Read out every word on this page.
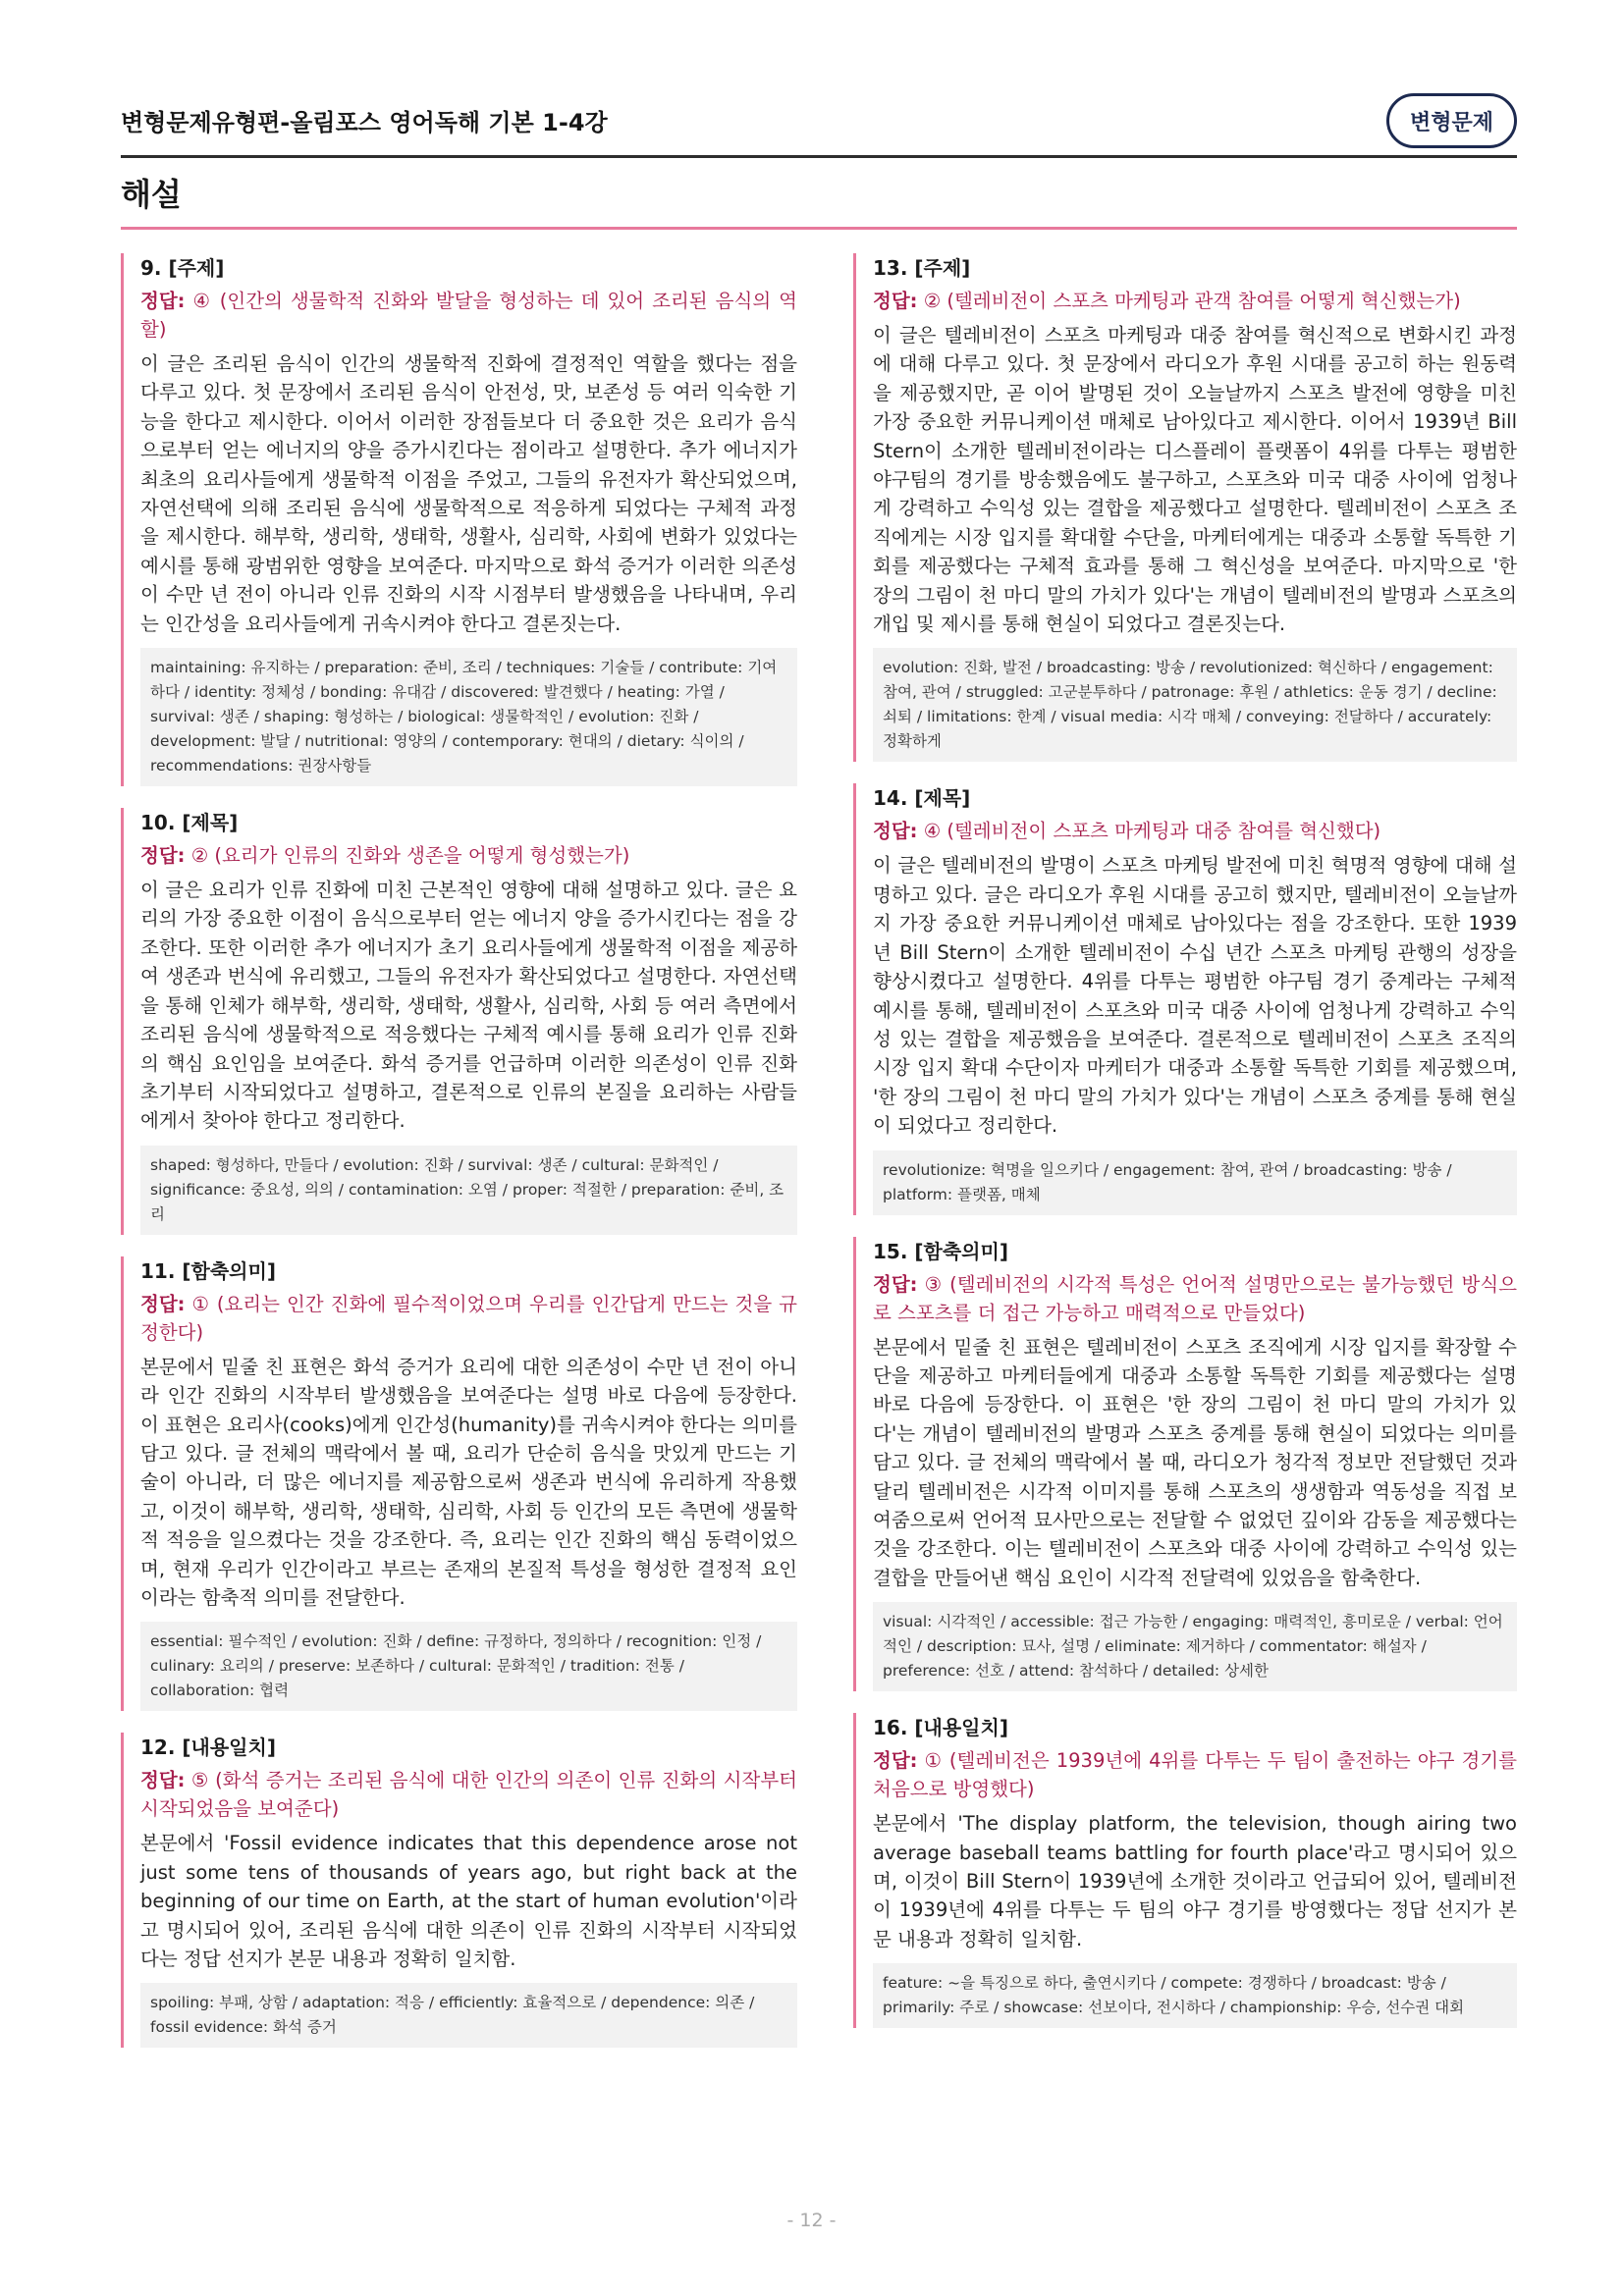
변형문제유형편-올림포스 영어독해 기본 1-4강	변형문제
해설
9. [주제]

정답: ④ (인간의 생물학적 진화와 발달을 형성하는 데 있어 조리된 음식의 역할)

이 글은 조리된 음식이 인간의 생물학적 진화에 결정적인 역할을 했다는 점을 다루고 있다. 첫 문장에서 조리된 음식이 안전성, 맛, 보존성 등 여러 익숙한 기능을 한다고 제시한다. 이어서 이러한 장점들보다 더 중요한 것은 요리가 음식으로부터 얻는 에너지의 양을 증가시킨다는 점이라고 설명한다. 추가 에너지가 최초의 요리사들에게 생물학적 이점을 주었고, 그들의 유전자가 확산되었으며, 자연선택에 의해 조리된 음식에 생물학적으로 적응하게 되었다는 구체적 과정을 제시한다. 해부학, 생리학, 생태학, 생활사, 심리학, 사회에 변화가 있었다는 예시를 통해 광범위한 영향을 보여준다. 마지막으로 화석 증거가 이러한 의존성이 수만 년 전이 아니라 인류 진화의 시작 시점부터 발생했음을 나타내며, 우리는 인간성을 요리사들에게 귀속시켜야 한다고 결론짓는다.

maintaining: 유지하는 / preparation: 준비, 조리 / techniques: 기술들 / contribute: 기여하다 / identity: 정체성 / bonding: 유대감 / discovered: 발견했다 / heating: 가열 / survival: 생존 / shaping: 형성하는 / biological: 생물학적인 / evolution: 진화 / development: 발달 / nutritional: 영양의 / contemporary: 현대의 / dietary: 식이의 / recommendations: 권장사항들
10. [제목]

정답: ② (요리가 인류의 진화와 생존을 어떻게 형성했는가)

이 글은 요리가 인류 진화에 미친 근본적인 영향에 대해 설명하고 있다. 글은 요리의 가장 중요한 이점이 음식으로부터 얻는 에너지 양을 증가시킨다는 점을 강조한다. 또한 이러한 추가 에너지가 초기 요리사들에게 생물학적 이점을 제공하여 생존과 번식에 유리했고, 그들의 유전자가 확산되었다고 설명한다. 자연선택을 통해 인체가 해부학, 생리학, 생태학, 생활사, 심리학, 사회 등 여러 측면에서 조리된 음식에 생물학적으로 적응했다는 구체적 예시를 통해 요리가 인류 진화의 핵심 요인임을 보여준다. 화석 증거를 언급하며 이러한 의존성이 인류 진화 초기부터 시작되었다고 설명하고, 결론적으로 인류의 본질을 요리하는 사람들에게서 찾아야 한다고 정리한다.

shaped: 형성하다, 만들다 / evolution: 진화 / survival: 생존 / cultural: 문화적인 / significance: 중요성, 의의 / contamination: 오염 / proper: 적절한 / preparation: 준비, 조리
11. [함축의미]

정답: ① (요리는 인간 진화에 필수적이었으며 우리를 인간답게 만드는 것을 규정한다)

본문에서 밑줄 친 표현은 화석 증거가 요리에 대한 의존성이 수만 년 전이 아니라 인간 진화의 시작부터 발생했음을 보여준다는 설명 바로 다음에 등장한다. 이 표현은 요리사(cooks)에게 인간성(humanity)를 귀속시켜야 한다는 의미를 담고 있다. 글 전체의 맥락에서 볼 때, 요리가 단순히 음식을 맛있게 만드는 기술이 아니라, 더 많은 에너지를 제공함으로써 생존과 번식에 유리하게 작용했고, 이것이 해부학, 생리학, 생태학, 심리학, 사회 등 인간의 모든 측면에 생물학적 적응을 일으켰다는 것을 강조한다. 즉, 요리는 인간 진화의 핵심 동력이었으며, 현재 우리가 인간이라고 부르는 존재의 본질적 특성을 형성한 결정적 요인이라는 함축적 의미를 전달한다.

essential: 필수적인 / evolution: 진화 / define: 규정하다, 정의하다 / recognition: 인정 / culinary: 요리의 / preserve: 보존하다 / cultural: 문화적인 / tradition: 전통 / collaboration: 협력
12. [내용일치]

정답: ⑤ (화석 증거는 조리된 음식에 대한 인간의 의존이 인류 진화의 시작부터 시작되었음을 보여준다)

본문에서 'Fossil evidence indicates that this dependence arose not just some tens of thousands of years ago, but right back at the beginning of our time on Earth, at the start of human evolution'이라고 명시되어 있어, 조리된 음식에 대한 의존이 인류 진화의 시작부터 시작되었다는 정답 선지가 본문 내용과 정확히 일치함.

spoiling: 부패, 상함 / adaptation: 적응 / efficiently: 효율적으로 / dependence: 의존 / fossil evidence: 화석 증거
13. [주제]

정답: ② (텔레비전이 스포츠 마케팅과 관객 참여를 어떻게 혁신했는가)

이 글은 텔레비전이 스포츠 마케팅과 대중 참여를 혁신적으로 변화시킨 과정에 대해 다루고 있다. 첫 문장에서 라디오가 후원 시대를 공고히 하는 원동력을 제공했지만, 곧 이어 발명된 것이 오늘날까지 스포츠 발전에 영향을 미친 가장 중요한 커뮤니케이션 매체로 남아있다고 제시한다. 이어서 1939년 Bill Stern이 소개한 텔레비전이라는 디스플레이 플랫폼이 4위를 다투는 평범한 야구팀의 경기를 방송했음에도 불구하고, 스포츠와 미국 대중 사이에 엄청나게 강력하고 수익성 있는 결합을 제공했다고 설명한다. 텔레비전이 스포츠 조직에게는 시장 입지를 확대할 수단을, 마케터에게는 대중과 소통할 독특한 기회를 제공했다는 구체적 효과를 통해 그 혁신성을 보여준다. 마지막으로 '한 장의 그림이 천 마디 말의 가치가 있다'는 개념이 텔레비전의 발명과 스포츠의 개입 및 제시를 통해 현실이 되었다고 결론짓는다.

evolution: 진화, 발전 / broadcasting: 방송 / revolutionized: 혁신하다 / engagement: 참여, 관여 / struggled: 고군분투하다 / patronage: 후원 / athletics: 운동 경기 / decline: 쇠퇴 / limitations: 한계 / visual media: 시각 매체 / conveying: 전달하다 / accurately: 정확하게
14. [제목]

정답: ④ (텔레비전이 스포츠 마케팅과 대중 참여를 혁신했다)

이 글은 텔레비전의 발명이 스포츠 마케팅 발전에 미친 혁명적 영향에 대해 설명하고 있다. 글은 라디오가 후원 시대를 공고히 했지만, 텔레비전이 오늘날까지 가장 중요한 커뮤니케이션 매체로 남아있다는 점을 강조한다. 또한 1939년 Bill Stern이 소개한 텔레비전이 수십 년간 스포츠 마케팅 관행의 성장을 향상시켰다고 설명한다. 4위를 다투는 평범한 야구팀 경기 중계라는 구체적 예시를 통해, 텔레비전이 스포츠와 미국 대중 사이에 엄청나게 강력하고 수익성 있는 결합을 제공했음을 보여준다. 결론적으로 텔레비전이 스포츠 조직의 시장 입지 확대 수단이자 마케터가 대중과 소통할 독특한 기회를 제공했으며, '한 장의 그림이 천 마디 말의 가치가 있다'는 개념이 스포츠 중계를 통해 현실이 되었다고 정리한다.

revolutionize: 혁명을 일으키다 / engagement: 참여, 관여 / broadcasting: 방송 / platform: 플랫폼, 매체
15. [함축의미]

정답: ③ (텔레비전의 시각적 특성은 언어적 설명만으로는 불가능했던 방식으로 스포츠를 더 접근 가능하고 매력적으로 만들었다)

본문에서 밑줄 친 표현은 텔레비전이 스포츠 조직에게 시장 입지를 확장할 수단을 제공하고 마케터들에게 대중과 소통할 독특한 기회를 제공했다는 설명 바로 다음에 등장한다. 이 표현은 '한 장의 그림이 천 마디 말의 가치가 있다'는 개념이 텔레비전의 발명과 스포츠 중계를 통해 현실이 되었다는 의미를 담고 있다. 글 전체의 맥락에서 볼 때, 라디오가 청각적 정보만 전달했던 것과 달리 텔레비전은 시각적 이미지를 통해 스포츠의 생생함과 역동성을 직접 보여줌으로써 언어적 묘사만으로는 전달할 수 없었던 깊이와 감동을 제공했다는 것을 강조한다. 이는 텔레비전이 스포츠와 대중 사이에 강력하고 수익성 있는 결합을 만들어낸 핵심 요인이 시각적 전달력에 있었음을 함축한다.

visual: 시각적인 / accessible: 접근 가능한 / engaging: 매력적인, 흥미로운 / verbal: 언어적인 / description: 묘사, 설명 / eliminate: 제거하다 / commentator: 해설자 / preference: 선호 / attend: 참석하다 / detailed: 상세한
16. [내용일치]

정답: ① (텔레비전은 1939년에 4위를 다투는 두 팀이 출전하는 야구 경기를 처음으로 방영했다)

본문에서 'The display platform, the television, though airing two average baseball teams battling for fourth place'라고 명시되어 있으며, 이것이 Bill Stern이 1939년에 소개한 것이라고 언급되어 있어, 텔레비전이 1939년에 4위를 다투는 두 팀의 야구 경기를 방영했다는 정답 선지가 본문 내용과 정확히 일치함.

feature: ~을 특징으로 하다, 출연시키다 / compete: 경쟁하다 / broadcast: 방송 / primarily: 주로 / showcase: 선보이다, 전시하다 / championship: 우승, 선수권 대회
- 12 -
